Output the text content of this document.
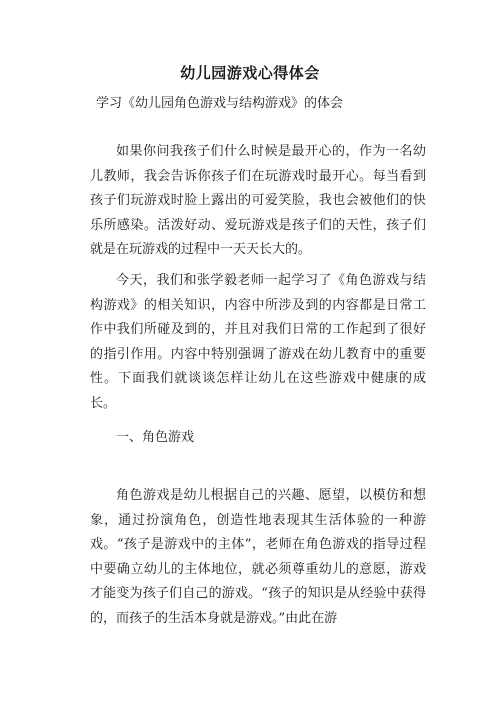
幼儿园游戏心得体会

学习《幼儿园角色游戏与结构游戏》的体会

如果你问我孩子们什么时候是最开心的，作为一名幼儿教师，我会告诉你孩子们在玩游戏时最开心。每当看到孩子们玩游戏时脸上露出的可爱笑脸，我也会被他们的快乐所感染。活泼好动、爱玩游戏是孩子们的天性，孩子们就是在玩游戏的过程中一天天长大的。

今天，我们和张学毅老师一起学习了《角色游戏与结构游戏》的相关知识，内容中所涉及到的内容都是日常工作中我们所碰及到的，并且对我们日常的工作起到了很好的指引作用。内容中特别强调了游戏在幼儿教育中的重要性。下面我们就谈谈怎样让幼儿在这些游戏中健康的成长。

一、角色游戏

角色游戏是幼儿根据自己的兴趣、愿望，以模仿和想象，通过扮演角色，创造性地表现其生活体验的一种游戏。“孩子是游戏中的主体”，老师在角色游戏的指导过程中要确立幼儿的主体地位，就必须尊重幼儿的意愿，游戏才能变为孩子们自己的游戏。“孩子的知识是从经验中获得的，而孩子的生活本身就是游戏。”由此在游
